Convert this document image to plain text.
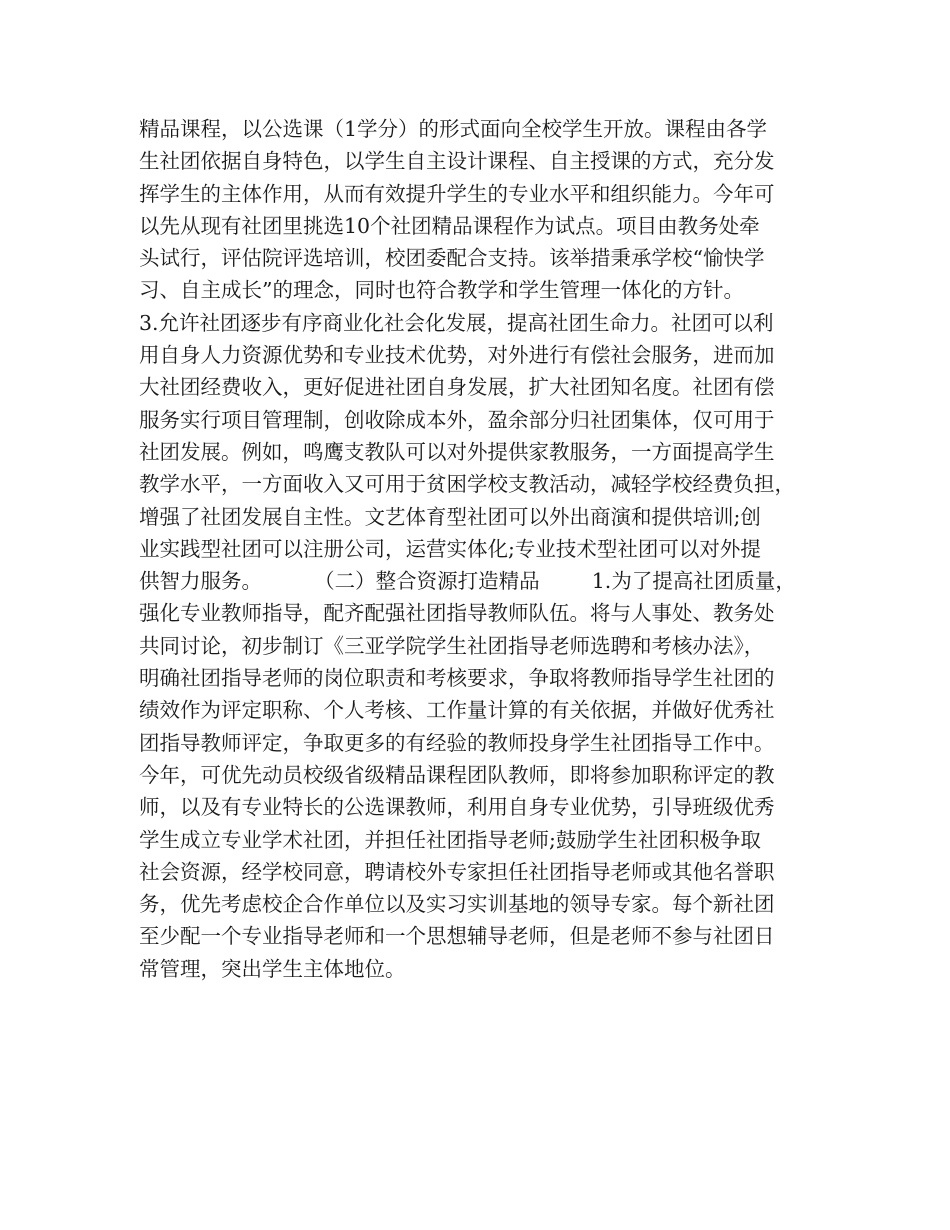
精品课程，以公选课（1学分）的形式面向全校学生开放。课程由各学
生社团依据自身特色，以学生自主设计课程、自主授课的方式，充分发
挥学生的主体作用，从而有效提升学生的专业水平和组织能力。今年可
以先从现有社团里挑选10个社团精品课程作为试点。项目由教务处牵
头试行，评估院评选培训，校团委配合支持。该举措秉承学校“愉快学
习、自主成长”的理念，同时也符合教学和学生管理一体化的方针。
3.允许社团逐步有序商业化社会化发展，提高社团生命力。社团可以利
用自身人力资源优势和专业技术优势，对外进行有偿社会服务，进而加
大社团经费收入，更好促进社团自身发展，扩大社团知名度。社团有偿
服务实行项目管理制，创收除成本外，盈余部分归社团集体，仅可用于
社团发展。例如，鸣鹰支教队可以对外提供家教服务，一方面提高学生
教学水平，一方面收入又可用于贫困学校支教活动，减轻学校经费负担，
增强了社团发展自主性。文艺体育型社团可以外出商演和提供培训;创
业实践型社团可以注册公司，运营实体化;专业技术型社团可以对外提
供智力服务。        （二）整合资源打造精品        1.为了提高社团质量，
强化专业教师指导，配齐配强社团指导教师队伍。将与人事处、教务处
共同讨论，初步制订《三亚学院学生社团指导老师选聘和考核办法》，
明确社团指导老师的岗位职责和考核要求，争取将教师指导学生社团的
绩效作为评定职称、个人考核、工作量计算的有关依据，并做好优秀社
团指导教师评定，争取更多的有经验的教师投身学生社团指导工作中。
今年，可优先动员校级省级精品课程团队教师，即将参加职称评定的教
师，以及有专业特长的公选课教师，利用自身专业优势，引导班级优秀
学生成立专业学术社团，并担任社团指导老师;鼓励学生社团积极争取
社会资源，经学校同意，聘请校外专家担任社团指导老师或其他名誉职
务，优先考虑校企合作单位以及实习实训基地的领导专家。每个新社团
至少配一个专业指导老师和一个思想辅导老师，但是老师不参与社团日
常管理，突出学生主体地位。
